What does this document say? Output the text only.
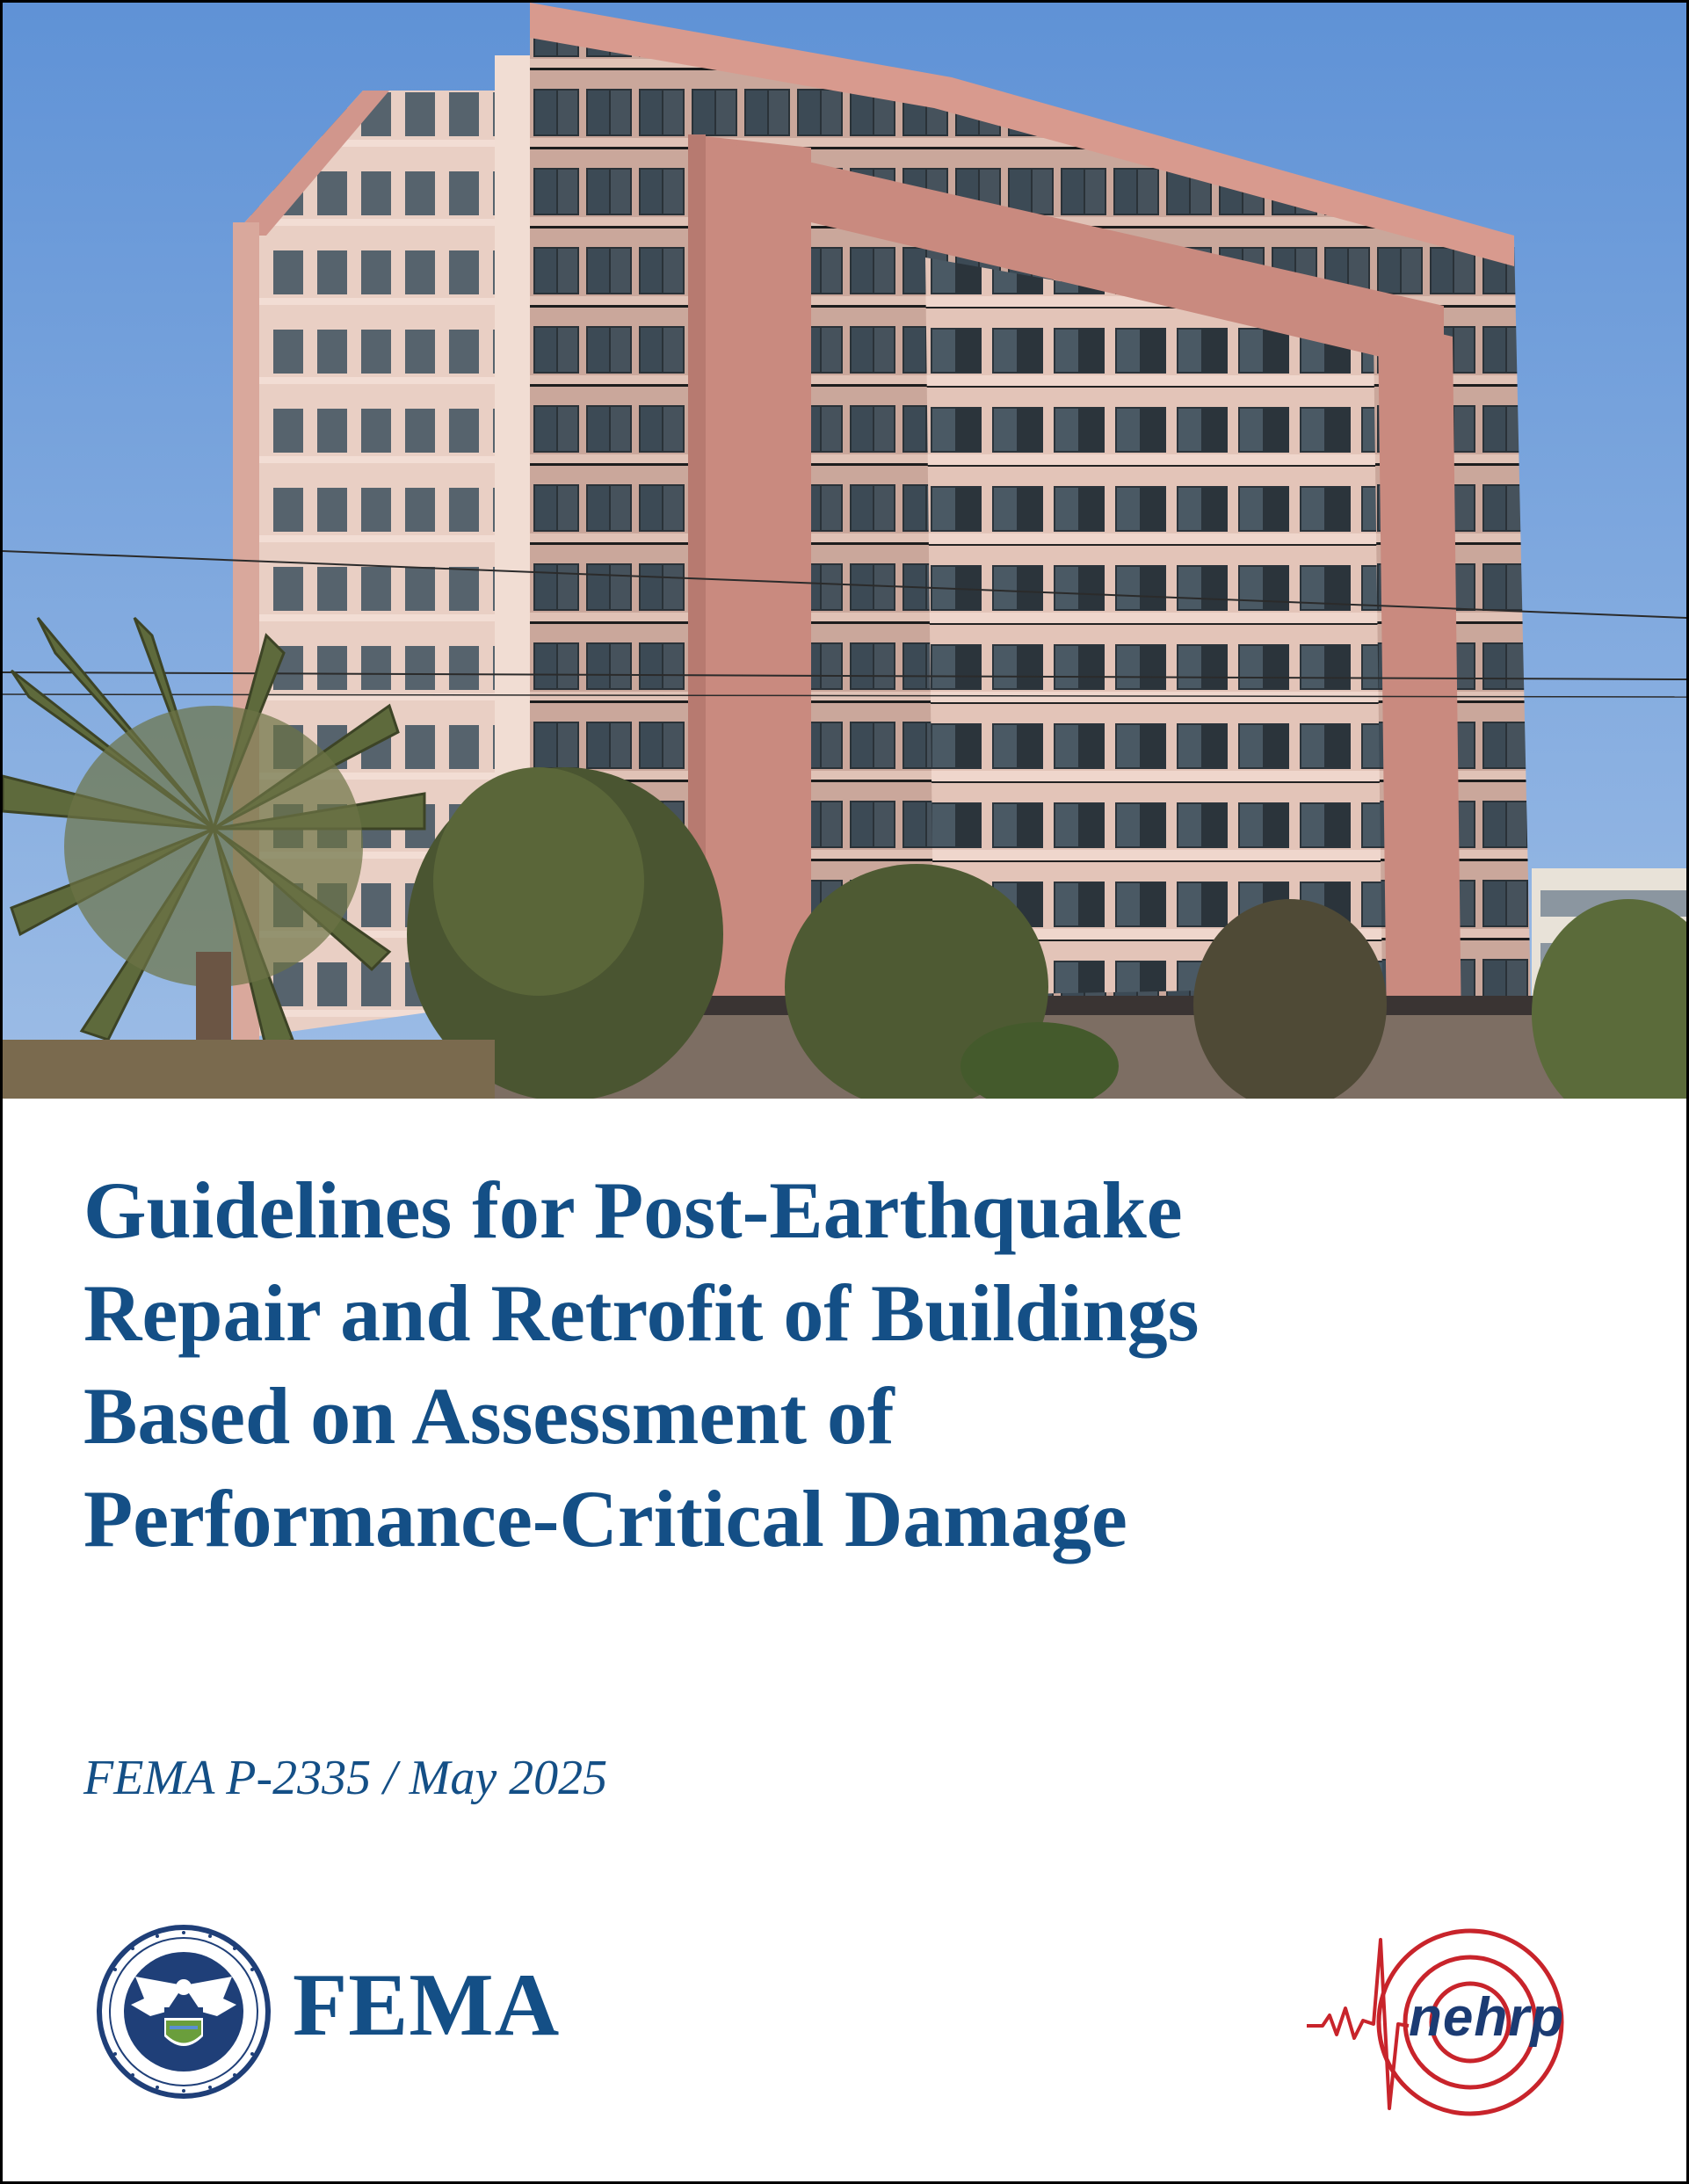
Guidelines for Post-Earthquake
Repair and Retrofit of Buildings
Based on Assessment of
Performance-Critical Damage
FEMA P-2335 / May 2025
FEMA	nehrp
